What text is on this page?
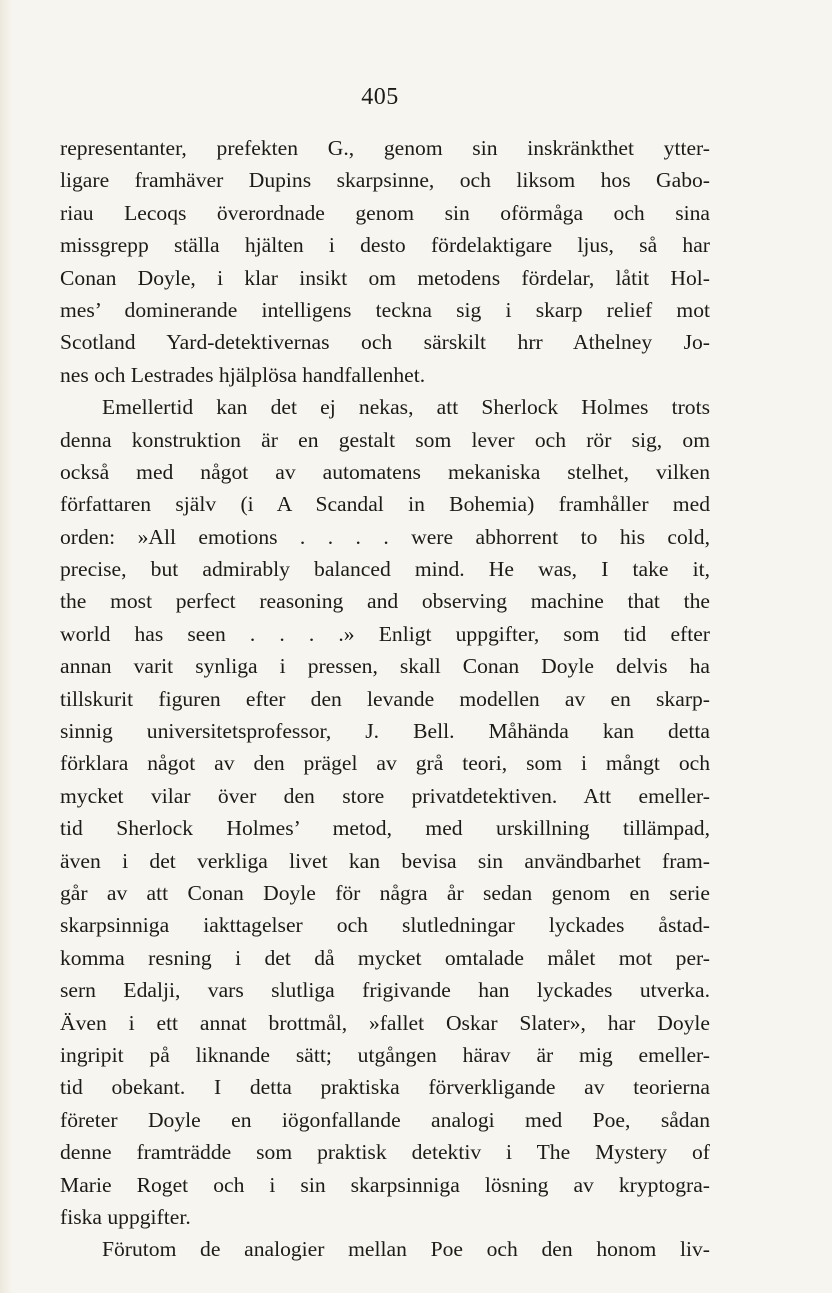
405
representanter, prefekten G., genom sin inskränkthet ytter-
ligare framhäver Dupins skarpsinne, och liksom hos Gabo-
riau Lecoqs överordnade genom sin oförmåga och sina
missgrepp ställa hjälten i desto fördelaktigare ljus, så har
Conan Doyle, i klar insikt om metodens fördelar, låtit Hol-
mes’ dominerande intelligens teckna sig i skarp relief mot
Scotland Yard-detektivernas och särskilt hrr Athelney Jo-
nes och Lestrades hjälplösa handfallenhet.
Emellertid kan det ej nekas, att Sherlock Holmes trots
denna konstruktion är en gestalt som lever och rör sig, om
också med något av automatens mekaniska stelhet, vilken
författaren själv (i A Scandal in Bohemia) framhåller med
orden: »All emotions . . . . were abhorrent to his cold,
precise, but admirably balanced mind. He was, I take it,
the most perfect reasoning and observing machine that the
world has seen . . . .» Enligt uppgifter, som tid efter
annan varit synliga i pressen, skall Conan Doyle delvis ha
tillskurit figuren efter den levande modellen av en skarp-
sinnig universitetsprofessor, J. Bell. Måhända kan detta
förklara något av den prägel av grå teori, som i mångt och
mycket vilar över den store privatdetektiven. Att emeller-
tid Sherlock Holmes’ metod, med urskillning tillämpad,
även i det verkliga livet kan bevisa sin användbarhet fram-
går av att Conan Doyle för några år sedan genom en serie
skarpsinniga iakttagelser och slutledningar lyckades åstad-
komma resning i det då mycket omtalade målet mot per-
sern Edalji, vars slutliga frigivande han lyckades utverka.
Även i ett annat brottmål, »fallet Oskar Slater», har Doyle
ingripit på liknande sätt; utgången härav är mig emeller-
tid obekant. I detta praktiska förverkligande av teorierna
företer Doyle en iögonfallande analogi med Poe, sådan
denne framträdde som praktisk detektiv i The Mystery of
Marie Roget och i sin skarpsinniga lösning av kryptogra-
fiska uppgifter.
Förutom de analogier mellan Poe och den honom liv-
